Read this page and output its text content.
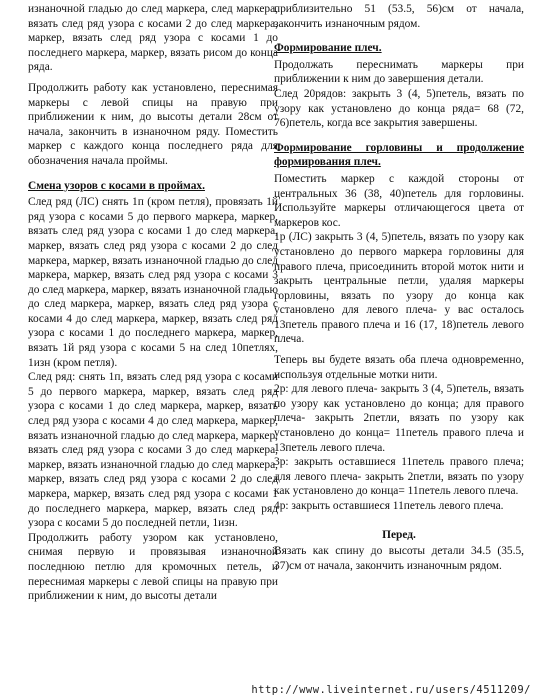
изнаночной гладью до след маркера, след маркера, вязать след ряд узора с косами 2 до след маркера, маркер, вязать след ряд узора с косами 1 до последнего маркера, маркер, вязать рисом до конца ряда.

Продолжить работу как установлено, переснимая маркеры с левой спицы на правую при приближении к ним, до высоты детали 28см от начала, закончить в изнаночном ряду. Поместить маркер с каждого конца последнего ряда для обозначения начала проймы.

Смена узоров с косами в проймах.

След ряд (ЛС) снять 1п (кром петля), провязать 1й ряд узора с косами 5 до первого маркера, маркер, вязать след ряд узора с косами 1 до след маркера, маркер, вязать след ряд узора с косами 2 до след маркера, маркер, вязать изнаночной гладью до след маркера, маркер, вязать след ряд узора с косами 3 до след маркера, маркер, вязать изнаночной гладью до след маркера, маркер, вязать след ряд узора с косами 4 до след маркера, маркер, вязать след ряд узора с косами 1 до последнего маркера, маркер, вязать 1й ряд узора с косами 5 на след 10петлях, 1изн (кром петля).

След ряд: снять 1п, вязать след ряд узора с косами 5 до первого маркера, маркер, вязать след ряд узора с косами 1 до след маркера, маркер, вязать след ряд узора с косами 4 до след маркера, маркер, вязать изнаночной гладью до след маркера, маркер, вязать след ряд узора с косами 3 до след маркера, маркер, вязать изнаночной гладью до след маркера, маркер, вязать след ряд узора с косами 2 до след маркера, маркер, вязать след ряд узора с косами 1 до последнего маркера, маркер, вязать след ряд узора с косами 5 до последней петли, 1изн.

Продолжить работу узором как установлено, снимая первую и провязывая изнаночной последнюю петлю для кромочных петель, и переснимая маркеры с левой спицы на правую при приближении к ним, до высоты детали

приблизительно 51 (53.5, 56)см от начала, закончить изнаночным рядом.

Формирование плеч.

Продолжать переснимать маркеры при приближении к ним до завершения детали.

След 20рядов: закрыть 3 (4, 5)петель, вязать по узору как установлено до конца ряда= 68 (72, 76)петель, когда все закрытия завершены.

Формирование горловины и продолжение формирования плеч.

Поместить маркер с каждой стороны от центральных 36 (38, 40)петель для горловины. Используйте маркеры отличающегося цвета от маркеров кос.

1р (ЛС) закрыть 3 (4, 5)петель, вязать по узору как установлено до первого маркера горловины для правого плеча, присоединить второй моток нити и закрыть центральные петли, удаляя маркеры горловины, вязать по узору до конца как установлено для левого плеча- у вас осталось 13петель правого плеча и 16 (17, 18)петель левого плеча.

Теперь вы будете вязать оба плеча одновременно, используя отдельные мотки нити.

2р: для левого плеча- закрыть 3 (4, 5)петель, вязать по узору как установлено до конца; для правого плеча- закрыть 2петли, вязать по узору как установлено до конца= 11петель правого плеча и 13петель левого плеча.

3р: закрыть оставшиеся 11петель правого плеча; для левого плеча- закрыть 2петли, вязать по узору как установлено до конца= 11петель левого плеча.

4р: закрыть оставшиеся 11петель левого плеча.

Перед.

Вязать как спину до высоты детали 34.5 (35.5, 37)см от начала, закончить изнаночным рядом.

http://www.liveinternet.ru/users/4511209/
